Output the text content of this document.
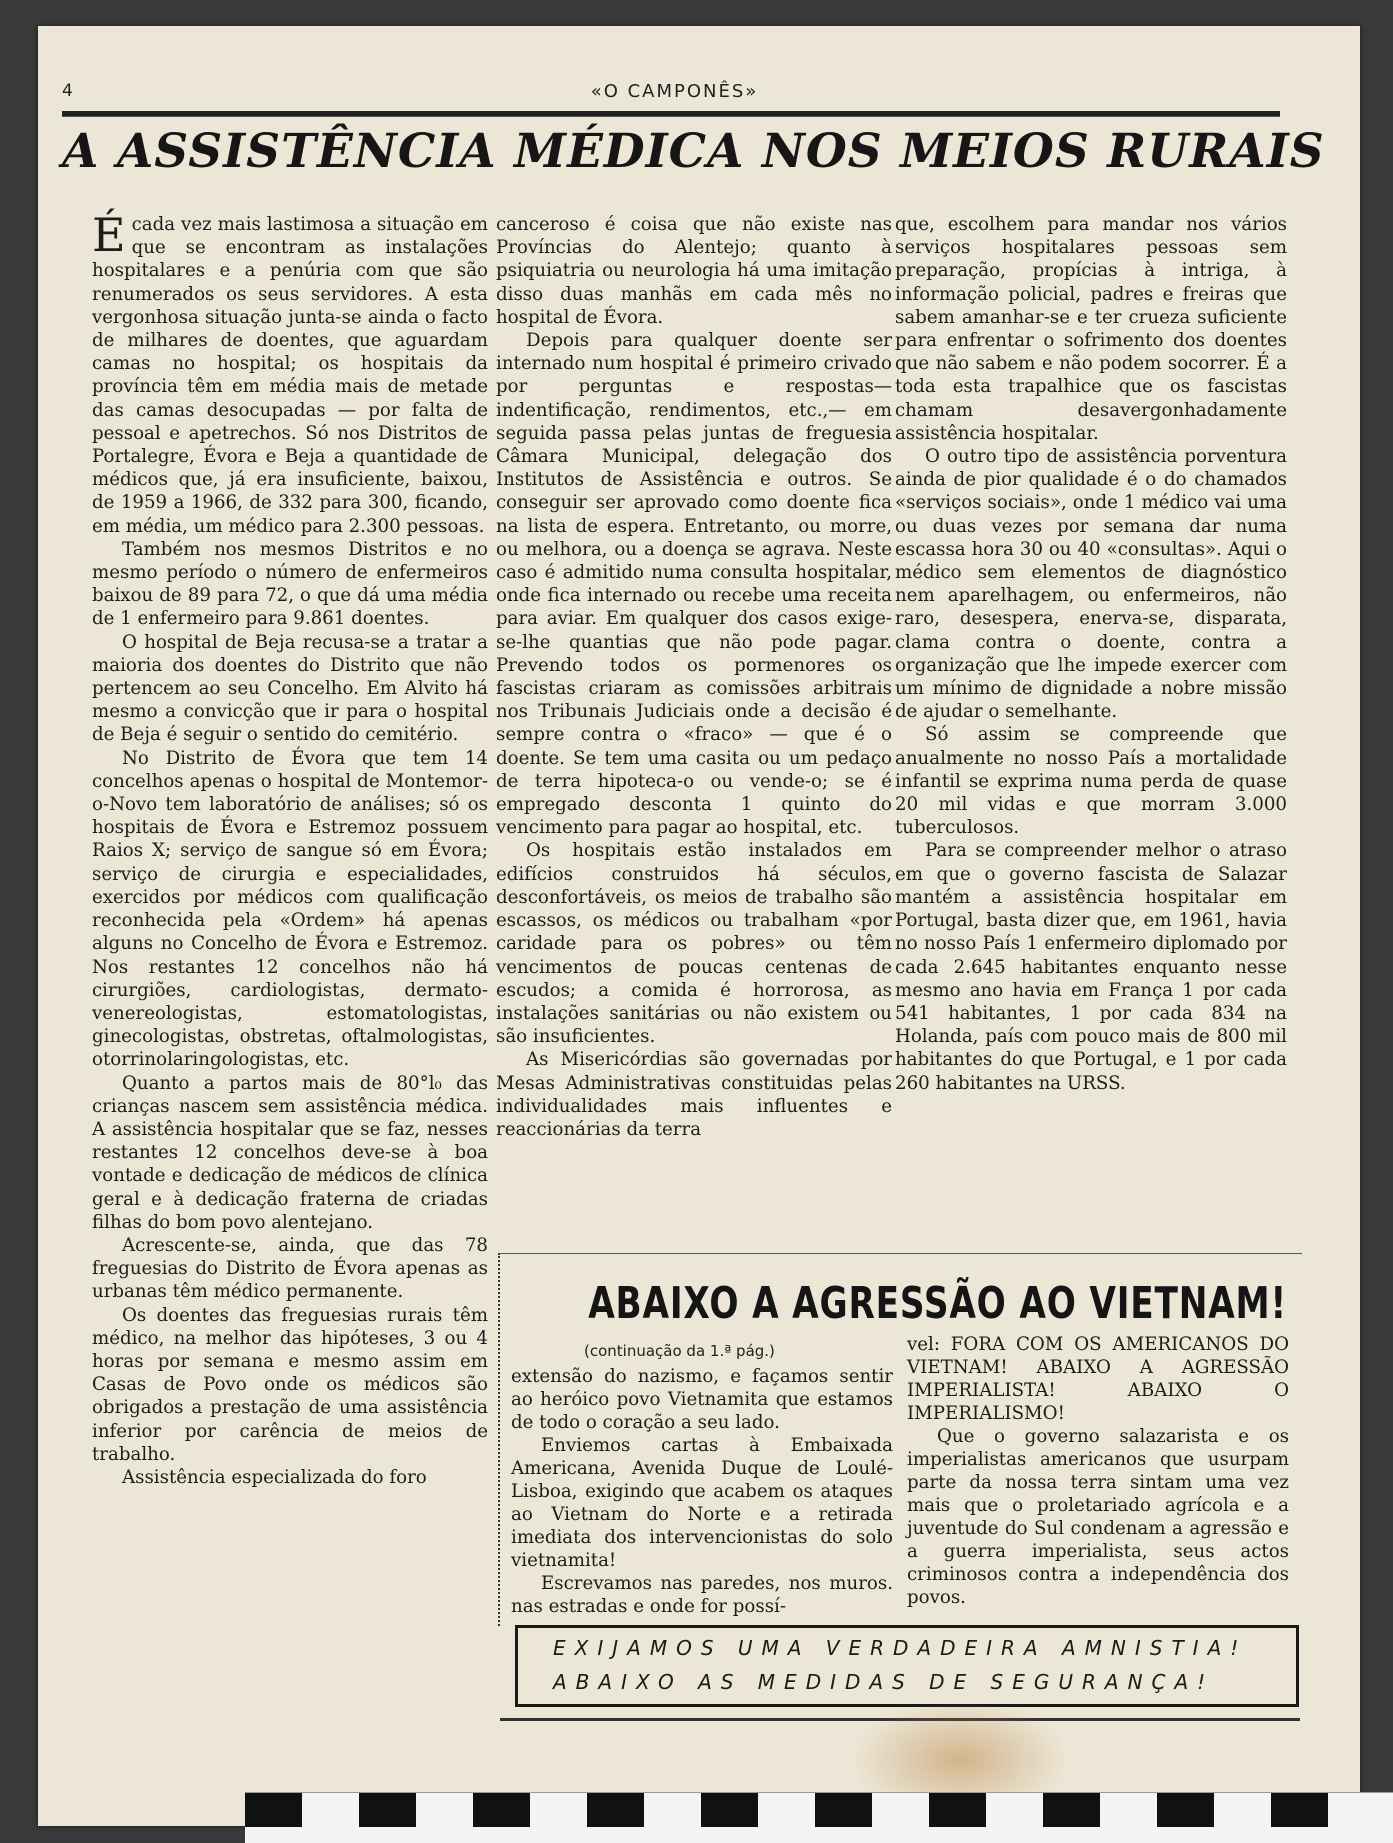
4	«O CAMPONÊS»
A ASSISTÊNCIA MÉDICA NOS MEIOS RURAIS

É cada vez mais lastimosa a situação em que se encontram as instalações hospitalares e a penúria com que são renumerados os seus servidores. A esta vergonhosa situação junta-se ainda o facto de milhares de doentes, que aguardam camas no hospital; os hospitais da província têm em média mais de metade das camas desocupadas — por falta de pessoal e apetrechos. Só nos Distritos de Portalegre, Évora e Beja a quantidade de médicos que, já era insuficiente, baixou, de 1959 a 1966, de 332 para 300, ficando, em média, um médico para 2.300 pessoas.

Também nos mesmos Distritos e no mesmo período o número de enfermeiros baixou de 89 para 72, o que dá uma média de 1 enfermeiro para 9.861 doentes.

O hospital de Beja recusa-se a tratar a maioria dos doentes do Distrito que não pertencem ao seu Concelho. Em Alvito há mesmo a convicção que ir para o hospital de Beja é seguir o sentido do cemitério.

No Distrito de Évora que tem 14 concelhos apenas o hospital de Montemor-o-Novo tem laboratório de análises; só os hospitais de Évora e Estremoz possuem Raios X; serviço de sangue só em Évora; serviço de cirurgia e especialidades, exercidos por médicos com qualificação reconhecida pela «Ordem» há apenas alguns no Concelho de Évora e Estremoz. Nos restantes 12 concelhos não há cirurgiões, cardiologistas, dermato-venereologistas, estomatologistas, ginecologistas, obstretas, oftalmologistas, otorrinolaringologistas, etc.

Quanto a partos mais de 80°l₀ das crianças nascem sem assistência médica. A assistência hospitalar que se faz, nesses restantes 12 concelhos deve-se à boa vontade e dedicação de médicos de clínica geral e à dedicação fraterna de criadas filhas do bom povo alentejano.

Acrescente-se, ainda, que das 78 freguesias do Distrito de Évora apenas as urbanas têm médico permanente.

Os doentes das freguesias rurais têm médico, na melhor das hipóteses, 3 ou 4 horas por semana e mesmo assim em Casas de Povo onde os médicos são obrigados a prestação de uma assistência inferior por carência de meios de trabalho.

Assistência especializada do foro

canceroso é coisa que não existe nas Províncias do Alentejo; quanto à psiquiatria ou neurologia há uma imitação disso duas manhãs em cada mês no hospital de Évora.

Depois para qualquer doente ser internado num hospital é primeiro crivado por perguntas e respostas— indentificação, rendimentos, etc.,— em seguida passa pelas juntas de freguesia Câmara Municipal, delegação dos Institutos de Assistência e outros. Se conseguir ser aprovado como doente fica na lista de espera. Entretanto, ou morre, ou melhora, ou a doença se agrava. Neste caso é admitido numa consulta hospitalar, onde fica internado ou recebe uma receita para aviar. Em qualquer dos casos exige-se-lhe quantias que não pode pagar. Prevendo todos os pormenores os fascistas criaram as comissões arbitrais nos Tribunais Judiciais onde a decisão é sempre contra o «fraco» — que é o doente. Se tem uma casita ou um pedaço de terra hipoteca-o ou vende-o; se é empregado desconta 1 quinto do vencimento para pagar ao hospital, etc.

Os hospitais estão instalados em edifícios construidos há séculos, desconfortáveis, os meios de trabalho são escassos, os médicos ou trabalham «por caridade para os pobres» ou têm vencimentos de poucas centenas de escudos; a comida é horrorosa, as instalações sanitárias ou não existem ou são insuficientes.

As Misericórdias são governadas por Mesas Administrativas constituidas pelas individualidades mais influentes e reaccionárias da terra

que, escolhem para mandar nos vários serviços hospitalares pessoas sem preparação, propícias à intriga, à informação policial, padres e freiras que sabem amanhar-se e ter crueza suficiente para enfrentar o sofrimento dos doentes que não sabem e não podem socorrer. É a toda esta trapalhice que os fascistas chamam desavergonhadamente assistência hospitalar.

O outro tipo de assistência porventura ainda de pior qualidade é o do chamados «serviços sociais», onde 1 médico vai uma ou duas vezes por semana dar numa escassa hora 30 ou 40 «consultas». Aqui o médico sem elementos de diagnóstico nem aparelhagem, ou enfermeiros, não raro, desespera, enerva-se, disparata, clama contra o doente, contra a organização que lhe impede exercer com um mínimo de dignidade a nobre missão de ajudar o semelhante.

Só assim se compreende que anualmente no nosso País a mortalidade infantil se exprima numa perda de quase 20 mil vidas e que morram 3.000 tuberculosos.

Para se compreender melhor o atraso em que o governo fascista de Salazar mantém a assistência hospitalar em Portugal, basta dizer que, em 1961, havia no nosso País 1 enfermeiro diplomado por cada 2.645 habitantes enquanto nesse mesmo ano havia em França 1 por cada 541 habitantes, 1 por cada 834 na Holanda, país com pouco mais de 800 mil habitantes do que Portugal, e 1 por cada 260 habitantes na URSS.

ABAIXO A AGRESSÃO AO VIETNAM!
(continuação da 1.ª pág.)

extensão do nazismo, e façamos sentir ao heróico povo Vietnamita que estamos de todo o coração a seu lado.

Enviemos cartas à Embaixada Americana, Avenida Duque de Loulé-Lisboa, exigindo que acabem os ataques ao Vietnam do Norte e a retirada imediata dos intervencionistas do solo vietnamita!

Escrevamos nas paredes, nos muros. nas estradas e onde for possí-

vel: FORA COM OS AMERICANOS DO VIETNAM! ABAIXO A AGRESSÃO IMPERIALISTA! ABAIXO O IMPERIALISMO!

Que o governo salazarista e os imperialistas americanos que usurpam parte da nossa terra sintam uma vez mais que o proletariado agrícola e a juventude do Sul condenam a agressão e a guerra imperialista, seus actos criminosos contra a independência dos povos.

EXIJAMOS UMA VERDADEIRA AMNISTIA!
ABAIXO AS MEDIDAS DE SEGURANÇA!
